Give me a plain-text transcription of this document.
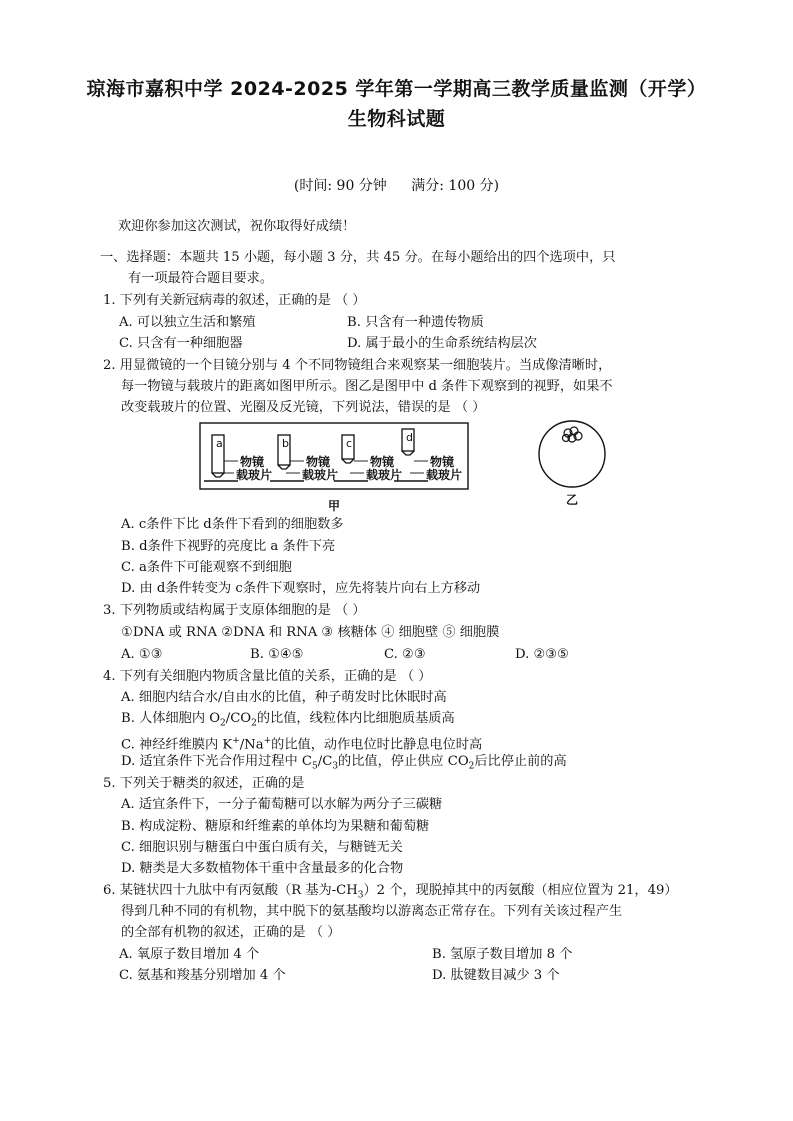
琼海市嘉积中学 2024-2025 学年第一学期高三教学质量监测（开学）
生物科试题
(时间: 90 分钟 满分: 100 分)
欢迎你参加这次测试，祝你取得好成绩！
一、选择题：本题共 15 小题，每小题 3 分，共 45 分。在每小题给出的四个选项中，只
有一项最符合题目要求。
1. 下列有关新冠病毒的叙述，正确的是 （ ）
A. 可以独立生活和繁殖	B. 只含有一种遗传物质
C. 只含有一种细胞器	D. 属于最小的生命系统结构层次
2. 用显微镜的一个目镜分别与 4 个不同物镜组合来观察某一细胞装片。当成像清晰时，
每一物镜与载玻片的距离如图甲所示。图乙是图甲中 d 条件下观察到的视野，如果不
改变载玻片的位置、光圈及反光镜，下列说法，错误的是 （ ）
a	b	c	d
物镜
载玻片
物镜
载玻片
物镜
载玻片
物镜
载玻片
甲	乙
A. c条件下比 d条件下看到的细胞数多
B. d条件下视野的亮度比 a 条件下亮
C. a条件下可能观察不到细胞
D. 由 d条件转变为 c条件下观察时，应先将装片向右上方移动
3. 下列物质或结构属于支原体细胞的是 （ ）
①DNA 或 RNA ②DNA 和 RNA ③ 核糖体 ④ 细胞壁 ⑤ 细胞膜
A. ①③	B. ①④⑤	C. ②③	D. ②③⑤
4. 下列有关细胞内物质含量比值的关系，正确的是 （ ）
A. 细胞内结合水/自由水的比值，种子萌发时比休眠时高
B. 人体细胞内 $O_2/CO_2$的比值，线粒体内比细胞质基质高
C. 神经纤维膜内 K+/Na+的比值，动作电位时比静息电位时高
D. 适宜条件下光合作用过程中 $C_5/C_3$的比值，停止供应 $CO_2$后比停止前的高
5. 下列关于糖类的叙述，正确的是
A. 适宜条件下，一分子葡萄糖可以水解为两分子三碳糖
B. 构成淀粉、糖原和纤维素的单体均为果糖和葡萄糖
C. 细胞识别与糖蛋白中蛋白质有关，与糖链无关
D. 糖类是大多数植物体干重中含量最多的化合物
6. 某链状四十九肽中有丙氨酸（R 基为$-CH_3)2$ 个，现脱掉其中的丙氨酸（相应位置为 21，49）
得到几种不同的有机物，其中脱下的氨基酸均以游离态正常存在。下列有关该过程产生
的全部有机物的叙述，正确的是 （ ）
A. 氧原子数目增加 4 个	B. 氢原子数目增加 8 个
C. 氨基和羧基分别增加 4 个	D. 肽键数目减少 3 个
